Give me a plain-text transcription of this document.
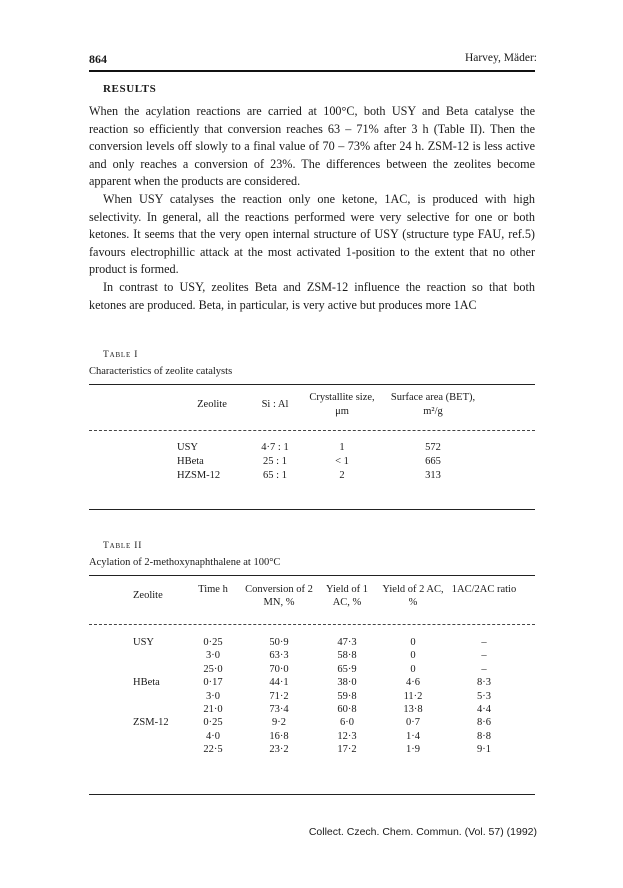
864	Harvey, Mäder:
RESULTS

When the acylation reactions are carried at 100°C, both USY and Beta catalyse the reaction so efficiently that conversion reaches 63 – 71% after 3 h (Table II). Then the conversion levels off slowly to a final value of 70 – 73% after 24 h. ZSM-12 is less active and only reaches a conversion of 23%. The differences between the zeolites become apparent when the products are considered.

When USY catalyses the reaction only one ketone, 1AC, is produced with high selectivity. In general, all the reactions performed were very selective for one or both ketones. It seems that the very open internal structure of USY (structure type FAU, ref.5) favours electrophillic attack at the most activated 1-position to the extent that no other product is formed.

In contrast to USY, zeolites Beta and ZSM-12 influence the reaction so that both ketones are produced. Beta, in particular, is very active but produces more 1AC

Table I
Characteristics of zeolite catalysts
Zeolite	Si : Al	Crystallite size, μm	Surface area (BET), m²/g
USY	4·7 : 1	1	572
HBeta	25 : 1	< 1	665
HZSM-12	65 : 1	2	313
Table II
Acylation of 2-methoxynaphthalene at 100°C
Zeolite	Time h	Conversion of 2 MN, %	Yield of 1 AC, %	Yield of 2 AC, %	1AC/2AC ratio
USY	0·25	50·9	47·3	0	–
	3·0	63·3	58·8	0	–
	25·0	70·0	65·9	0	–
HBeta	0·17	44·1	38·0	4·6	8·3
	3·0	71·2	59·8	11·2	5·3
	21·0	73·4	60·8	13·8	4·4
ZSM-12	0·25	9·2	6·0	0·7	8·6
	4·0	16·8	12·3	1·4	8·8
	22·5	23·2	17·2	1·9	9·1
Collect. Czech. Chem. Commun. (Vol. 57) (1992)
